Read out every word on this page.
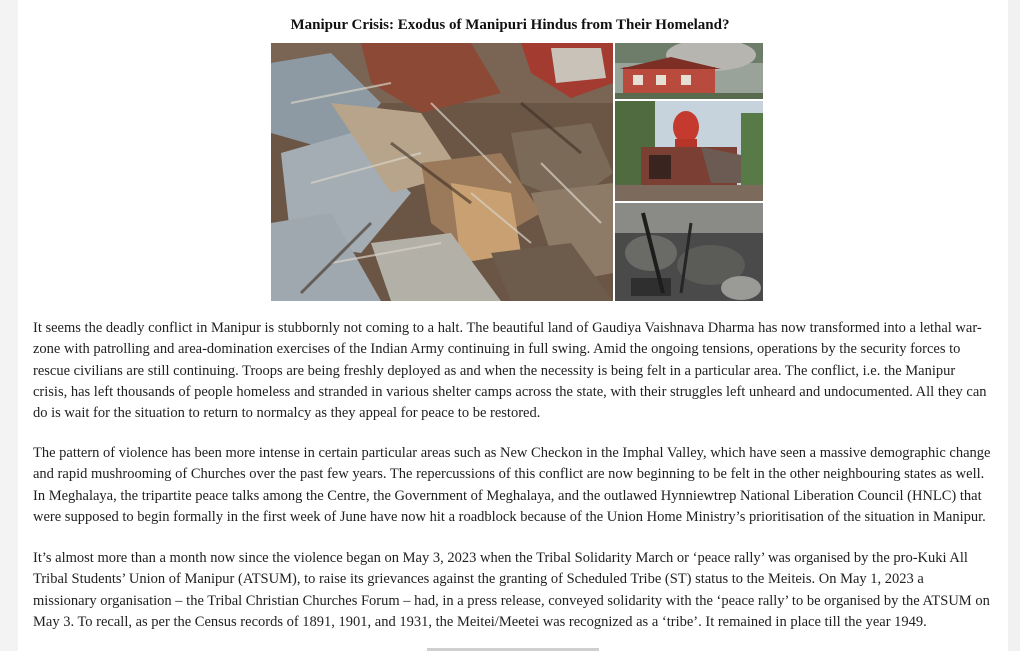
Manipur Crisis: Exodus of Manipuri Hindus from Their Homeland?

It seems the deadly conflict in Manipur is stubbornly not coming to a halt. The beautiful land of Gaudiya Vaishnava Dharma has now transformed into a lethal war-zone with patrolling and area-domination exercises of the Indian Army continuing in full swing. Amid the ongoing tensions, operations by the security forces to rescue civilians are still continuing. Troops are being freshly deployed as and when the necessity is being felt in a particular area. The conflict, i.e. the Manipur crisis, has left thousands of people homeless and stranded in various shelter camps across the state, with their struggles left unheard and undocumented. All they can do is wait for the situation to return to normalcy as they appeal for peace to be restored.

The pattern of violence has been more intense in certain particular areas such as New Checkon in the Imphal Valley, which have seen a massive demographic change and rapid mushrooming of Churches over the past few years. The repercussions of this conflict are now beginning to be felt in the other neighbouring states as well. In Meghalaya, the tripartite peace talks among the Centre, the Government of Meghalaya, and the outlawed Hynniewtrep National Liberation Council (HNLC) that were supposed to begin formally in the first week of June have now hit a roadblock because of the Union Home Ministry’s prioritisation of the situation in Manipur.

It’s almost more than a month now since the violence began on May 3, 2023 when the Tribal Solidarity March or ‘peace rally’ was organised by the pro-Kuki All Tribal Students’ Union of Manipur (ATSUM), to raise its grievances against the granting of Scheduled Tribe (ST) status to the Meiteis. On May 1, 2023 a missionary organisation – the Tribal Christian Churches Forum – had, in a press release, conveyed solidarity with the ‘peace rally’ to be organised by the ATSUM on May 3. To recall, as per the Census records of 1891, 1901, and 1931, the Meitei/Meetei was recognized as a ‘tribe’. It remained in place till the year 1949.
